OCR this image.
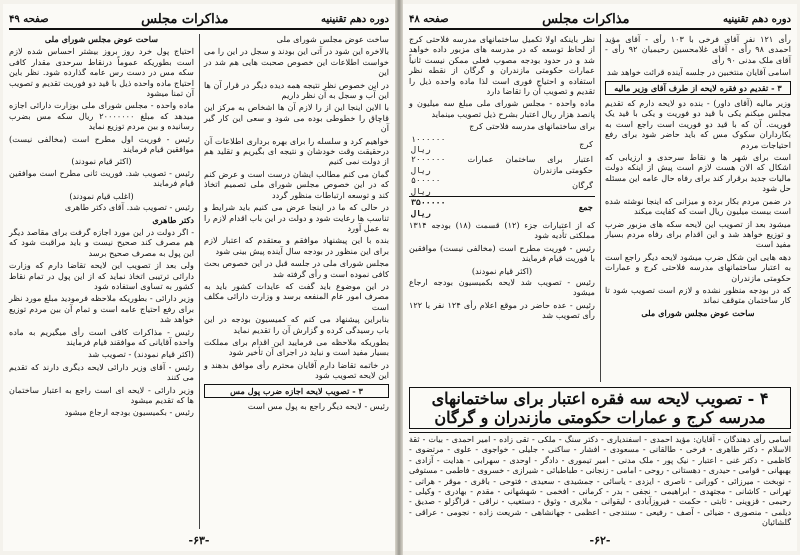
دوره دهم تقنینیه
مذاکرات مجلس
صفحه ۴۹
ساخت عوض مجلس شورای ملی
بالاخره این شود در آتی این بودند و سجل در این را می خواست اطلاعات این خصوص صحبت هایی هم شد در این
در این خصوص نظر نتیجه همه دیده دیگر در قرار آن ها این آب و سجل به آن نظر داریم
با الاین اینجا این از را لازم آن ها اشخاص به مرکز این قاچاق را خطوطی بوده می شود و سعی این کار گیر آن
خواهیم کرد و سلسله را برای بهره برداری اطلاعات آن درحقیقت وقت خودشان و نتیجه ای بگیریم و تقلید هم از دولت نمی کنیم
گمان می کنم مطالب ایشان درست است و عرض کنم که در این خصوص مجلس شورای ملی تصمیم اتخاذ کند و توسعه ارتباطات منظور گردد
در حالی که ما در اینجا عرض می کنیم باید شرایط و تناسب ها رعایت شود و دولت در این باب اقدام لازم را به عمل آورد
بنده با این پیشنهاد موافقم و معتقدم که اعتبار لازم برای این منظور در بودجه سال آینده پیش بینی شود
مجلس شورای ملی در جلسه قبل در این خصوص بحث کافی نموده است و رأی گرفته شد
در این موضوع باید گفت که عایدات کشور باید به مصرف امور عام المنفعه برسد و وزارت دارائی مکلف است
بنابراین پیشنهاد می کنم که کمیسیون بودجه در این باب رسیدگی کرده و گزارش آن را تقدیم نماید
بطوریکه ملاحظه می فرمایید این اقدام برای مملکت بسیار مفید است و نباید در اجرای آن تأخیر شود
در خاتمه تقاضا دارم آقایان محترم رأی موافق بدهند و این لایحه تصویب شود
۳ - تصویب لایحه اجازه ضرب پول مس
رئیس - لایحه دیگر راجع به پول مس است
ساحت عوض مجلس شورای ملی
احتیاج پول خرد روز بروز بیشتر احساس شده لازم است بطوریکه عموماً درنقاط سرحدی مقدار کافی سکه مس در دست رس عامه گذارده شود. نظر باین احتیاج ماده واحده ذیل با قید دو فوریت تقدیم و تصویب آن تمنا میشود
ماده واحده - مجلس شورای ملی بوزارت دارائی اجازه میدهد که مبلغ ۲۰۰۰۰۰۰۰ ریال سکه مس بضرب رسانیده و بین مردم توزیع نماید
رئیس - فوریت اول مطرح است (مخالفی نیست) موافقین قیام فرمایند
(اکثر قیام نمودند)
رئیس - تصویب شد. فوریت ثانی مطرح است موافقین قیام فرمایند
(اغلب قیام نمودند)
رئیس - تصویب شد. آقای دکتر طاهری
دکتر طاهری
- اگر دولت در این مورد اجازه گرفت برای مقاصد دیگر هم مصرف کند صحیح نیست و باید مراقبت شود که این پول به مصرف صحیح برسد
ولی بعد از تصویب این لایحه تقاضا دارم که وزارت دارائی ترتیبی اتخاذ نماید که از این پول در تمام نقاط کشور به تساوی استفاده شود
وزیر دارائی - بطوریکه ملاحظه فرمودید مبلغ مورد نظر برای رفع احتیاج عامه است و تمام آن بین مردم توزیع خواهد شد
رئیس - مذاکرات کافی است رأی میگیریم به ماده واحده آقایانی که موافقند قیام فرمایند
(اکثر قیام نمودند) - تصویب شد
رئیس - آقای وزیر دارائی لایحه دیگری دارند که تقدیم می کنند
وزیر دارائی - لایحه ای است راجع به اعتبار ساختمان ها که تقدیم میشود
رئیس - بکمیسیون بودجه ارجاع میشود
-۶۳-
دوره دهم تقنینیه
مذاکرات مجلس
صفحه ۴۸
رأی ۱۲۱ نفر آقای فرخی با ۱۰۳ رأی - آقای مؤید احمدی ۹۸ رأی - آقای غلامحسین رحیمیان ۹۲ رأی - آقای ملک مدنی ۹۰ رأی
اسامی آقایان منتخبین در جلسه آینده قرائت خواهد شد
۳ - تقدیم دو فقره لایحه از طرف آقای وزیر مالیه
وزیر مالیه (آقای داور) - بنده دو لایحه دارم که تقدیم مجلس میکنم یکی با قید دو فوریت و یکی با قید یک فوریت. آن که با قید دو فوریت است راجع است به بکارداران سکوک مس که باید حاضر شود برای رفع احتیاجات مردم
است برای شهر ها و نقاط سرحدی و ارزیابی که اشکال که الان هست لازم است پیش از اینکه دولت مالیات جدید برقرار کند برای رفاه حال عامه این مسئله حل شود
در ضمن مردم بکار برده و میزانی که اینجا نوشته شده است بیست میلیون ریال است که کفایت میکند
میشود بعد از تصویب این لایحه سکه های مزبور ضرب و توزیع خواهد شد و این اقدام برای رفاه مردم بسیار مفید است
دهه هایی این شکل ضرب میشود لایحه دیگر راجع است به اعتبار ساختمانهای مدرسه فلاحتی کرج و عمارات حکومتی مازندران
که در بودجه منظور نشده و لازم است تصویب شود تا کار ساختمان متوقف نماند
ساحت عوض مجلس شورای ملی
نظر باینکه اولا تکمیل ساختمانهای مدرسه فلاحتی کرج از لحاظ توسعه که در مدرسه های مزبور داده خواهد شد و در حدود بودجه مصوب فعلی ممکن نیست ثانیاً عمارات حکومتی مازندران و گرگان از نقطه نظر استفاده و احتیاج فوری است لذا ماده واحده ذیل را تقدیم و تصویب آن را تقاضا دارد
ماده واحده - مجلس شورای ملی مبلغ سه میلیون و پانصد هزار ریال اعتبار بشرح ذیل تصویب مینماید
برای ساختمانهای مدرسه فلاحتی کرج
کرج	۱۰۰۰۰۰۰ ریال
اعتبار برای ساختمان عمارات حکومتی مازندران	۲۰۰۰۰۰۰ ریال
گرگان	۵۰۰۰۰۰ ریال
جمع	۳۵۰۰۰۰۰ ریال
که از اعتبارات جزء (۱۲) قسمت (۱۸) بودجه ۱۳۱۴ مملکتی تأدیه شود
رئیس - فوریت مطرح است (مخالفی نیست) موافقین با فوریت قیام فرمایند
(اکثر قیام نمودند)
رئیس - تصویب شد لایحه بکمیسیون بودجه ارجاع میشود
رئیس - عده حاضر در موقع اعلام رأی ۱۲۴ نفر با ۱۲۲ رأی تصویب شد
۴ - تصویب لایحه سه فقره اعتبار برای ساختمانهای مدرسه کرج و عمارات حکومتی مازندران و گرگان
اسامی رأی دهندگان - آقایان: مؤید احمدی - اسفندیاری - دکتر سنگ - ملکی - تقی زاده - امیر احمدی - بیات - ثقة الاسلام - دکتر طاهری - فرخی - طالقانی - مسعودی - افشار - ساکنی - جلیلی - خواجوی - علوی - مرتضوی - کاظمی - دکتر غنی - اعتبار - نیک پور - ملک مدنی - امیر تیموری - دادگر - اوحدی - سهرابی - هدایت - آزادی - بهبهانی - قوامی - حیدری - دهستانی - روحی - امامی - زنجانی - طباطبائی - شیرازی - خسروی - فاطمی - مستوفی - نوبخت - میرزائی - کورانی - ناصری - ایزدی - یاسائی - جمشیدی - سعیدی - فتوحی - باقری - موقر - هراتی - تهرانی - کاشانی - مجتهدی - ابراهیمی - نجفی - بدر - کرمانی - افخمی - شهشهانی - مقدم - بهادری - وکیلی - رحیمی - قزوینی - ثابتی - حکمت - فیروزآبادی - لیقوانی - ملایری - وثوق - دستغیب - نراقی - قراگزلو - صدیق - دیلمی - منصوری - ضیائی - آصف - رفیعی - سنندجی - اعظمی - جهانشاهی - شریعت زاده - نجومی - عراقی - گلشائیان
-۶۲-
